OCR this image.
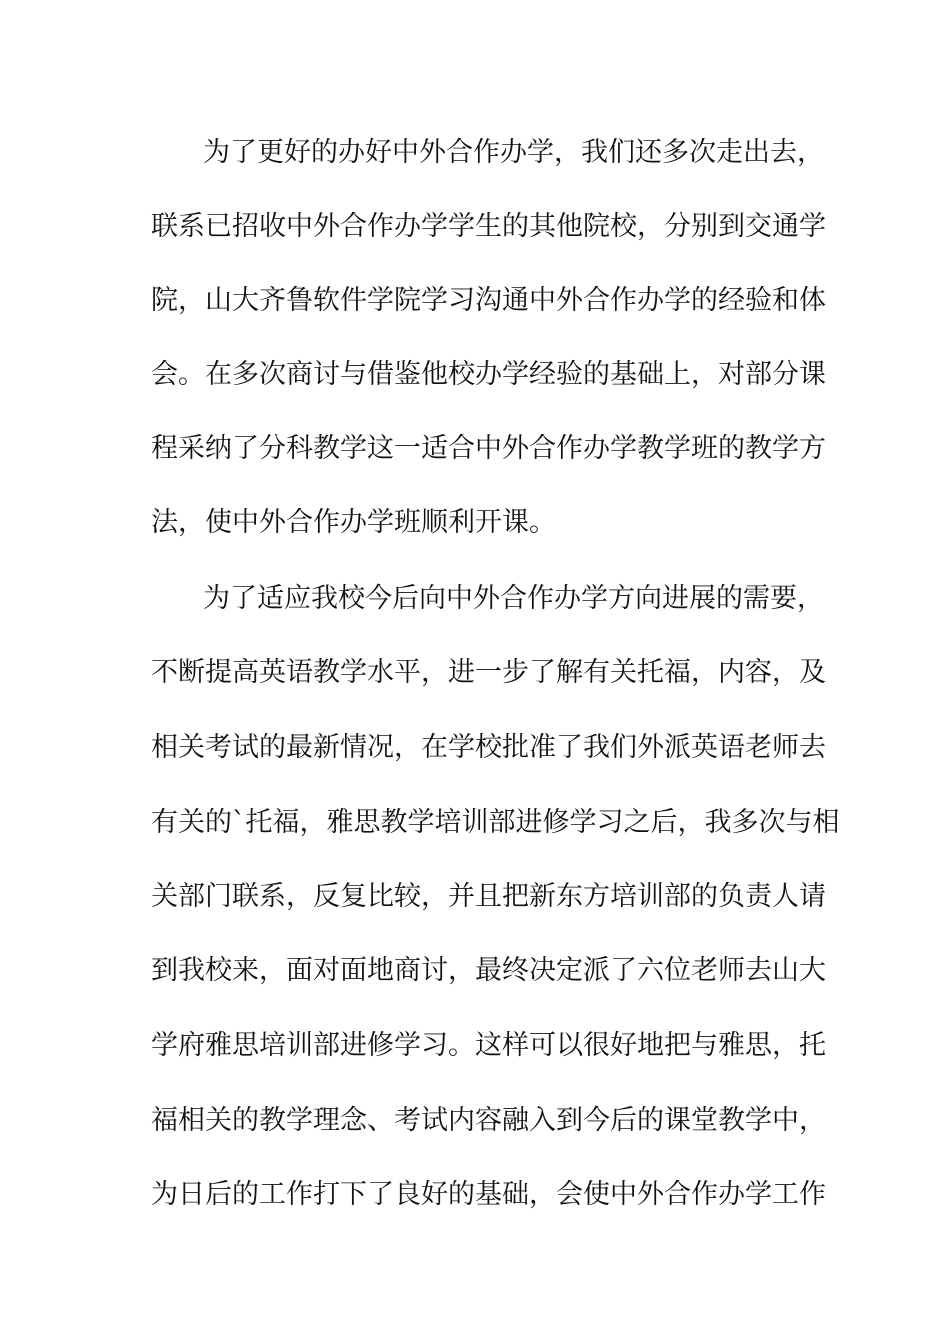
为了更好的办好中外合作办学，我们还多次走出去，
联系已招收中外合作办学学生的其他院校，分别到交通学
院，山大齐鲁软件学院学习沟通中外合作办学的经验和体
会。在多次商讨与借鉴他校办学经验的基础上，对部分课
程采纳了分科教学这一适合中外合作办学教学班的教学方
法，使中外合作办学班顺利开课。
为了适应我校今后向中外合作办学方向进展的需要，
不断提高英语教学水平，进一步了解有关托福，内容，及
相关考试的最新情况，在学校批准了我们外派英语老师去
有关的`托福，雅思教学培训部进修学习之后，我多次与相
关部门联系，反复比较，并且把新东方培训部的负责人请
到我校来，面对面地商讨，最终决定派了六位老师去山大
学府雅思培训部进修学习。这样可以很好地把与雅思，托
福相关的教学理念、考试内容融入到今后的课堂教学中，
为日后的工作打下了良好的基础，会使中外合作办学工作
